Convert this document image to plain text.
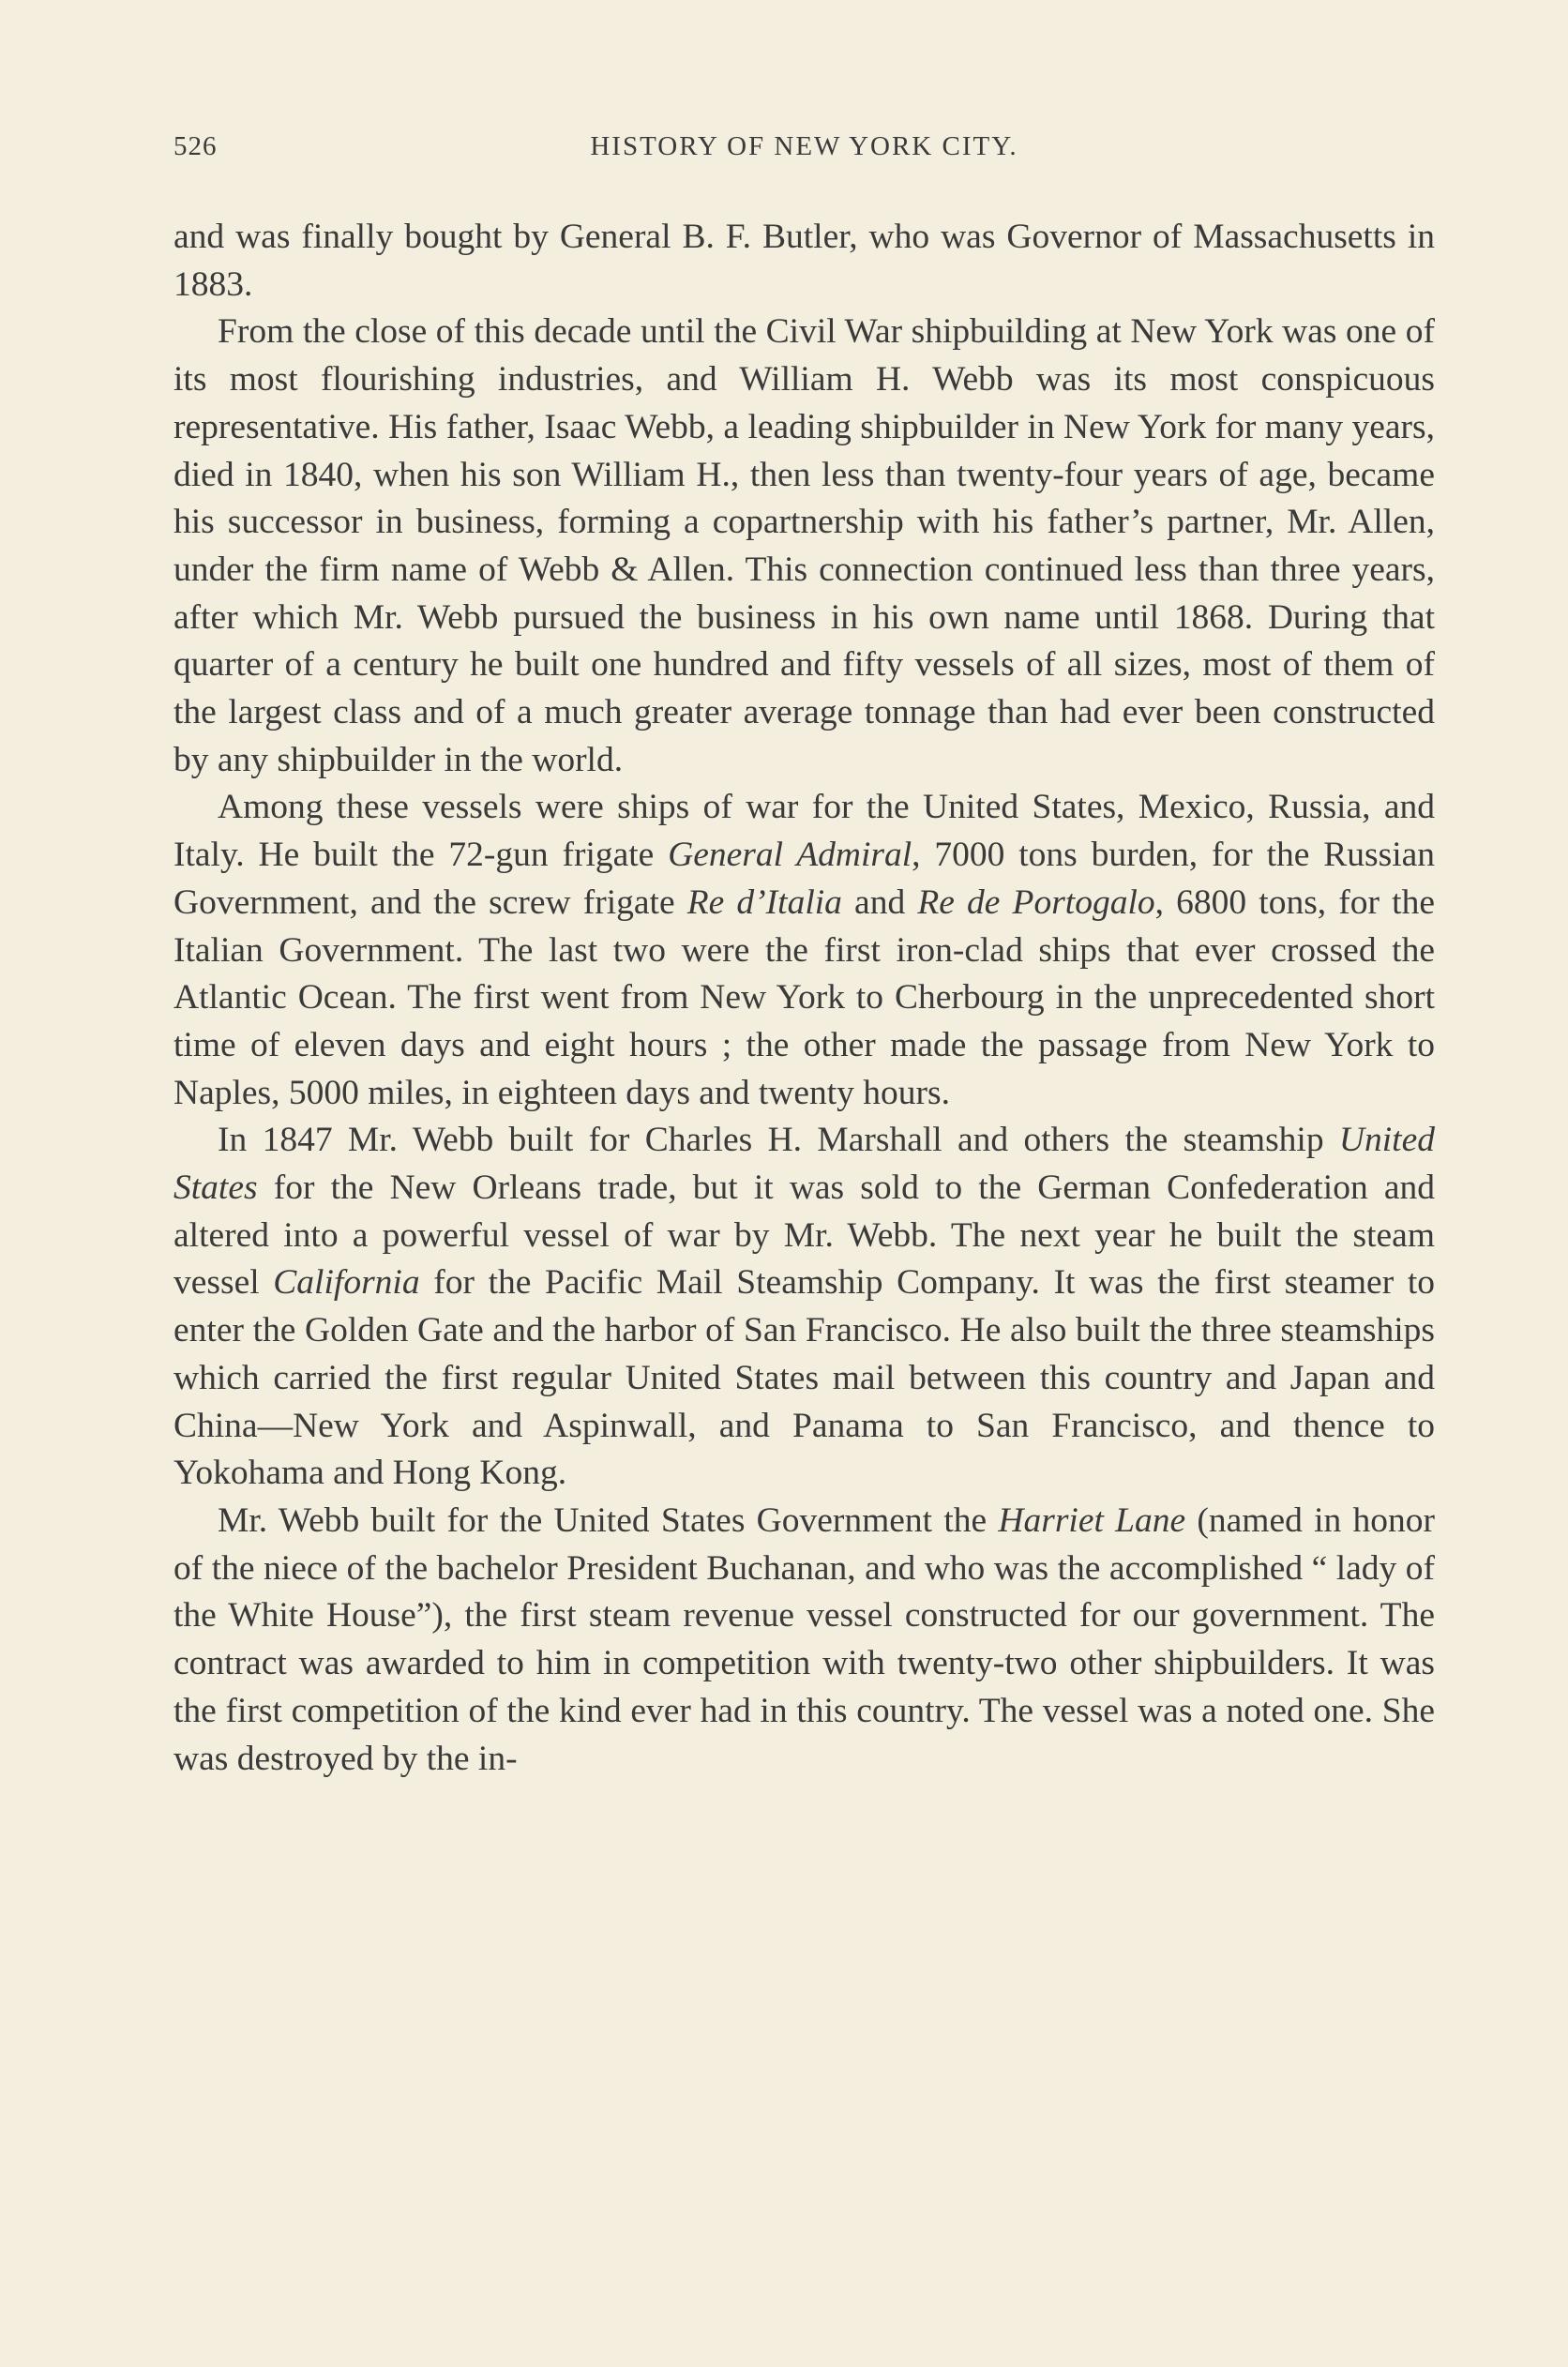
526	HISTORY OF NEW YORK CITY.

and was finally bought by General B. F. Butler, who was Governor of Massachusetts in 1883.

From the close of this decade until the Civil War shipbuilding at New York was one of its most flourishing industries, and William H. Webb was its most conspicuous representative. His father, Isaac Webb, a leading shipbuilder in New York for many years, died in 1840, when his son William H., then less than twenty-four years of age, became his successor in business, forming a copartnership with his father’s partner, Mr. Allen, under the firm name of Webb & Allen. This connection continued less than three years, after which Mr. Webb pursued the business in his own name until 1868. During that quarter of a century he built one hundred and fifty vessels of all sizes, most of them of the largest class and of a much greater average tonnage than had ever been constructed by any shipbuilder in the world.

Among these vessels were ships of war for the United States, Mexico, Russia, and Italy. He built the 72-gun frigate General Admiral, 7000 tons burden, for the Russian Government, and the screw frigate Re d’Italia and Re de Portogalo, 6800 tons, for the Italian Government. The last two were the first iron-clad ships that ever crossed the Atlantic Ocean. The first went from New York to Cherbourg in the unprecedented short time of eleven days and eight hours ; the other made the passage from New York to Naples, 5000 miles, in eighteen days and twenty hours.

In 1847 Mr. Webb built for Charles H. Marshall and others the steamship United States for the New Orleans trade, but it was sold to the German Confederation and altered into a powerful vessel of war by Mr. Webb. The next year he built the steam vessel California for the Pacific Mail Steamship Company. It was the first steamer to enter the Golden Gate and the harbor of San Francisco. He also built the three steamships which carried the first regular United States mail between this country and Japan and China—New York and Aspinwall, and Panama to San Francisco, and thence to Yokohama and Hong Kong.

Mr. Webb built for the United States Government the Harriet Lane (named in honor of the niece of the bachelor President Buchanan, and who was the accomplished “ lady of the White House”), the first steam revenue vessel constructed for our government. The contract was awarded to him in competition with twenty-two other shipbuilders. It was the first competition of the kind ever had in this country. The vessel was a noted one. She was destroyed by the in-
